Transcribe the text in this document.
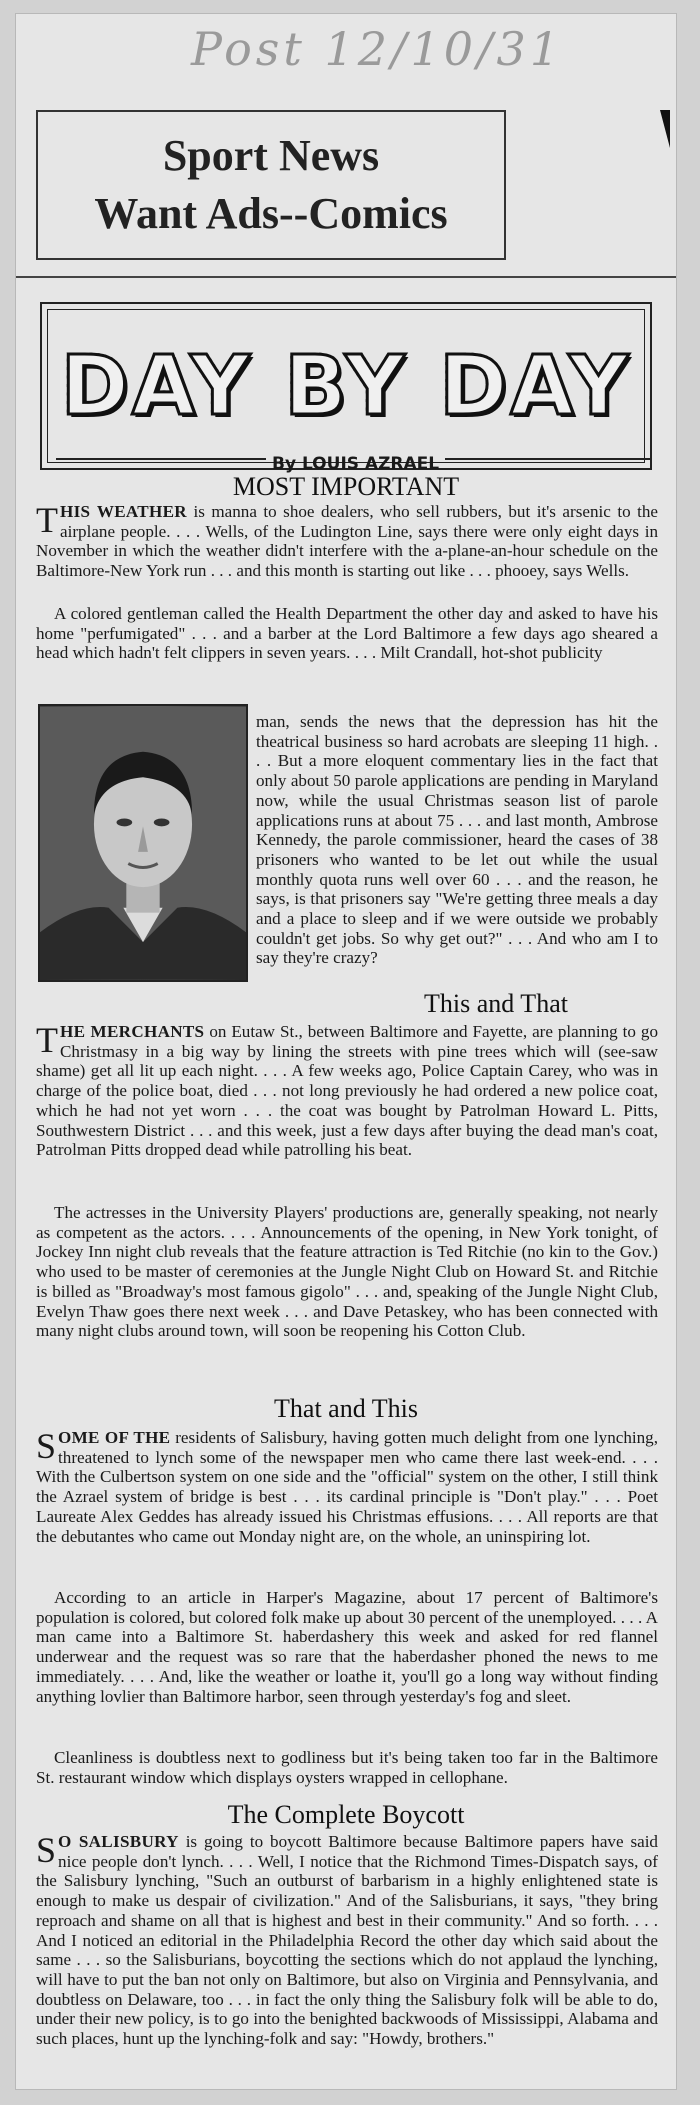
Post 12/10/31
Sport News
Want Ads--Comics
DAY BY DAY
By LOUIS AZRAEL
MOST IMPORTANT
THIS WEATHER is manna to shoe dealers, who sell rubbers, but it's arsenic to the airplane people. . . . Wells, of the Ludington Line, says there were only eight days in November in which the weather didn't interfere with the a-plane-an-hour schedule on the Baltimore-New York run . . . and this month is starting out like . . . phooey, says Wells.
A colored gentleman called the Health Department the other day and asked to have his home "perfumigated" . . . and a barber at the Lord Baltimore a few days ago sheared a head which hadn't felt clippers in seven years. . . . Milt Crandall, hot-shot publicity
man, sends the news that the depression has hit the theatrical business so hard acrobats are sleeping 11 high. . . . But a more eloquent commentary lies in the fact that only about 50 parole applications are pending in Maryland now, while the usual Christmas season list of parole applications runs at about 75 . . . and last month, Ambrose Kennedy, the parole commissioner, heard the cases of 38 prisoners who wanted to be let out while the usual monthly quota runs well over 60 . . . and the reason, he says, is that prisoners say "We're getting three meals a day and a place to sleep and if we were outside we probably couldn't get jobs. So why get out?" . . . And who am I to say they're crazy?
This and That
THE MERCHANTS on Eutaw St., between Baltimore and Fayette, are planning to go Christmasy in a big way by lining the streets with pine trees which will (see-saw shame) get all lit up each night. . . . A few weeks ago, Police Captain Carey, who was in charge of the police boat, died . . . not long previously he had ordered a new police coat, which he had not yet worn . . . the coat was bought by Patrolman Howard L. Pitts, Southwestern District . . . and this week, just a few days after buying the dead man's coat, Patrolman Pitts dropped dead while patrolling his beat.
The actresses in the University Players' productions are, generally speaking, not nearly as competent as the actors. . . . Announcements of the opening, in New York tonight, of Jockey Inn night club reveals that the feature attraction is Ted Ritchie (no kin to the Gov.) who used to be master of ceremonies at the Jungle Night Club on Howard St. and Ritchie is billed as "Broadway's most famous gigolo" . . . and, speaking of the Jungle Night Club, Evelyn Thaw goes there next week . . . and Dave Petaskey, who has been connected with many night clubs around town, will soon be reopening his Cotton Club.
That and This
SOME OF THE residents of Salisbury, having gotten much delight from one lynching, threatened to lynch some of the newspaper men who came there last week-end. . . . With the Culbertson system on one side and the "official" system on the other, I still think the Azrael system of bridge is best . . . its cardinal principle is "Don't play." . . . Poet Laureate Alex Geddes has already issued his Christmas effusions. . . . All reports are that the debutantes who came out Monday night are, on the whole, an uninspiring lot.
According to an article in Harper's Magazine, about 17 percent of Baltimore's population is colored, but colored folk make up about 30 percent of the unemployed. . . . A man came into a Baltimore St. haberdashery this week and asked for red flannel underwear and the request was so rare that the haberdasher phoned the news to me immediately. . . . And, like the weather or loathe it, you'll go a long way without finding anything lovlier than Baltimore harbor, seen through yesterday's fog and sleet.
Cleanliness is doubtless next to godliness but it's being taken too far in the Baltimore St. restaurant window which displays oysters wrapped in cellophane.
The Complete Boycott
S O SALISBURY is going to boycott Baltimore because Baltimore papers have said nice people don't lynch. . . . Well, I notice that the Richmond Times-Dispatch says, of the Salisbury lynching, "Such an outburst of barbarism in a highly enlightened state is enough to make us despair of civilization." And of the Salisburians, it says, "they bring reproach and shame on all that is highest and best in their community." And so forth. . . . And I noticed an editorial in the Philadelphia Record the other day which said about the same . . . so the Salisburians, boycotting the sections which do not applaud the lynching, will have to put the ban not only on Baltimore, but also on Virginia and Pennsylvania, and doubtless on Delaware, too . . . in fact the only thing the Salisbury folk will be able to do, under their new policy, is to go into the benighted backwoods of Mississippi, Alabama and such places, hunt up the lynching-folk and say: "Howdy, brothers."
